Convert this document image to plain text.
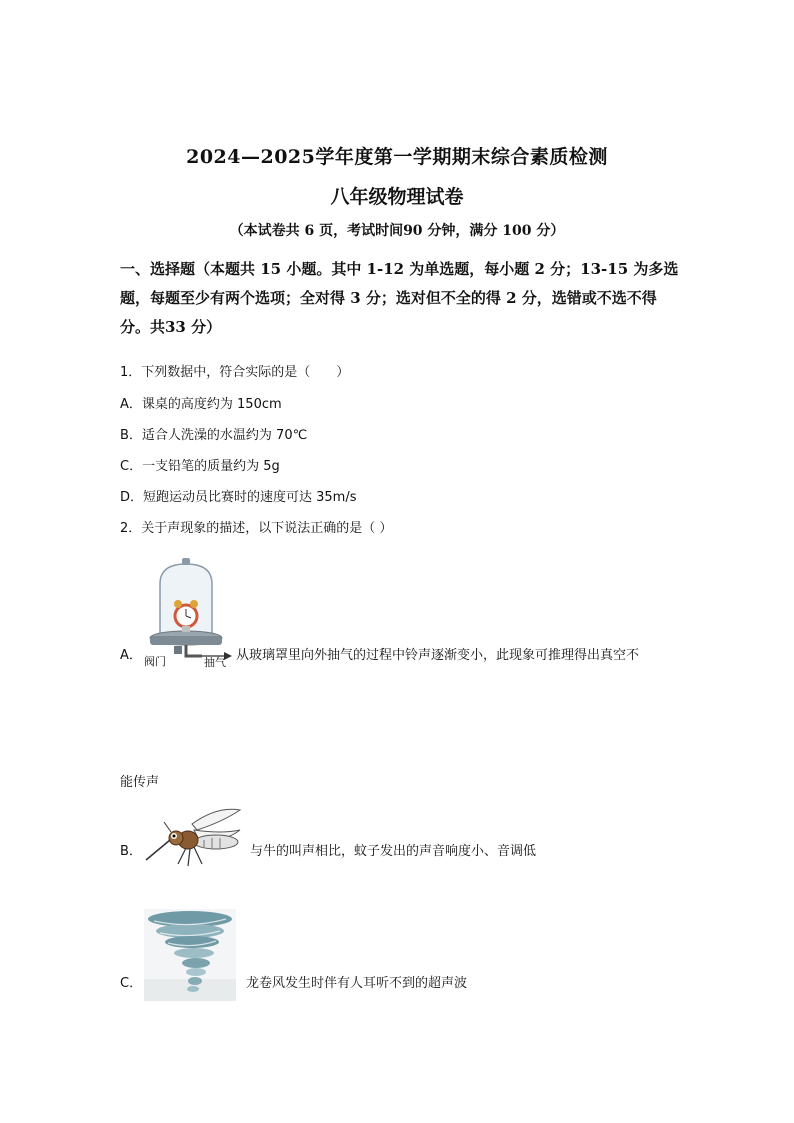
2024—2025学年度第一学期期末综合素质检测
八年级物理试卷
（本试卷共 6 页，考试时间90 分钟，满分 100 分）
一、选择题（本题共 15 小题。其中 1-12 为单选题，每小题 2 分；13-15 为多选题，每题至少有两个选项；全对得 3 分；选对但不全的得 2 分，选错或不选不得分。共33 分）
1．下列数据中，符合实际的是（　　）
A．课桌的高度约为 150cm
B．适合人洗澡的水温约为 70℃
C．一支铅笔的质量约为 5g
D．短跑运动员比赛时的速度可达 35m/s
2．关于声现象的描述，以下说法正确的是（ ）
A． 阀门	抽气 从玻璃罩里向外抽气的过程中铃声逐渐变小，此现象可推理得出真空不
能传声
B．	与牛的叫声相比，蚊子发出的声音响度小、音调低
C．	龙卷风发生时伴有人耳听不到的超声波
